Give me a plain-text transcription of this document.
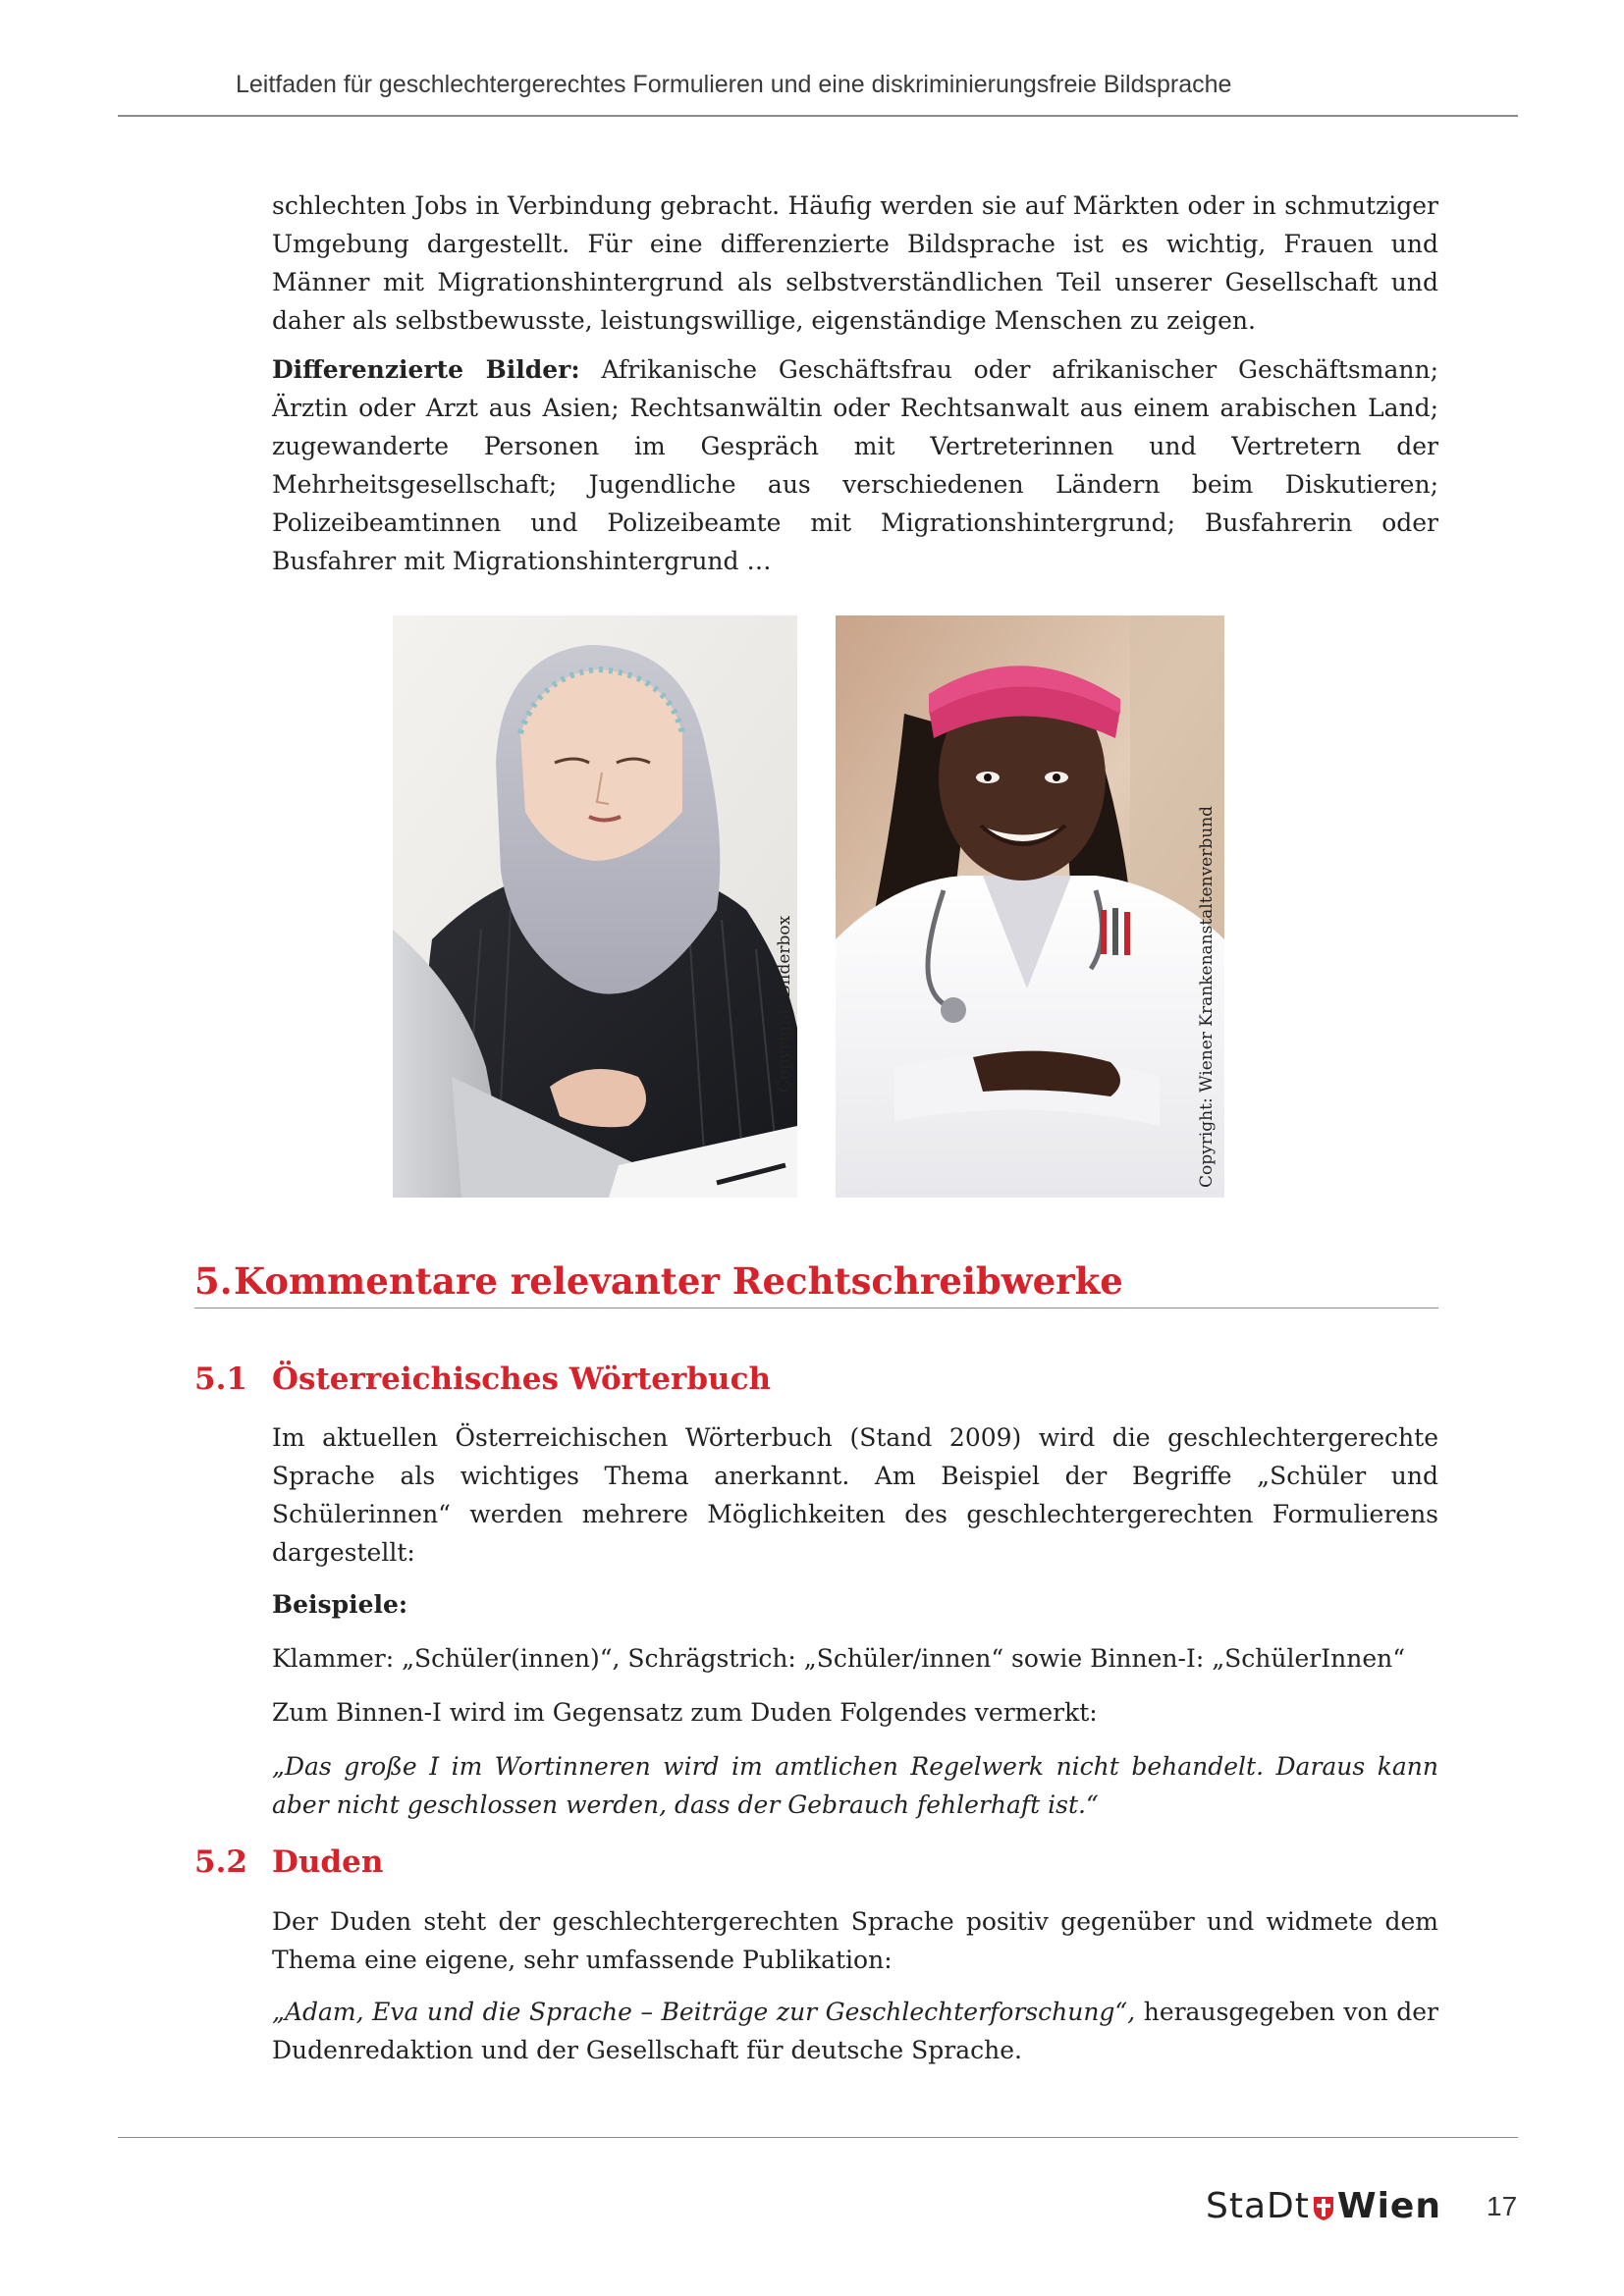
Leitfaden für geschlechtergerechtes Formulieren und eine diskriminierungsfreie Bildsprache

schlechten Jobs in Verbindung gebracht. Häufig werden sie auf Märkten oder in schmutziger Umgebung dargestellt. Für eine differenzierte Bildsprache ist es wichtig, Frauen und Männer mit Migrationshintergrund als selbstverständlichen Teil unserer Gesellschaft und daher als selbstbewusste, leistungswillige, eigenständige Menschen zu zeigen.

Differenzierte Bilder: Afrikanische Geschäftsfrau oder afrikanischer Geschäftsmann; Ärztin oder Arzt aus Asien; Rechtsanwältin oder Rechtsanwalt aus einem arabischen Land; zugewanderte Personen im Gespräch mit Vertreterinnen und Vertretern der Mehrheitsgesellschaft; Jugendliche aus verschiedenen Ländern beim Diskutieren; Polizeibeamtinnen und Polizeibeamte mit Migrationshintergrund; Busfahrerin oder Busfahrer mit Migrationshintergrund …

Copyright: Bilderbox	Copyright: Wiener Krankenanstaltenverbund
5.Kommentare relevanter Rechtschreibwerke
5.1 Österreichisches Wörterbuch

Im aktuellen Österreichischen Wörterbuch (Stand 2009) wird die geschlechtergerechte Sprache als wichtiges Thema anerkannt. Am Beispiel der Begriffe „Schüler und Schülerinnen“ werden mehrere Möglichkeiten des geschlechtergerechten Formulierens dargestellt:

Beispiele:

Klammer: „Schüler(innen)“, Schrägstrich: „Schüler/innen“ sowie Binnen-I: „SchülerInnen“

Zum Binnen-I wird im Gegensatz zum Duden Folgendes vermerkt:

„Das große I im Wortinneren wird im amtlichen Regelwerk nicht behandelt. Daraus kann aber nicht geschlossen werden, dass der Gebrauch fehlerhaft ist.“

5.2 Duden

Der Duden steht der geschlechtergerechten Sprache positiv gegenüber und widmete dem Thema eine eigene, sehr umfassende Publikation:

„Adam, Eva und die Sprache – Beiträge zur Geschlechterforschung“, herausgegeben von der Dudenredaktion und der Gesellschaft für deutsche Sprache.

StaDt Wien 17
